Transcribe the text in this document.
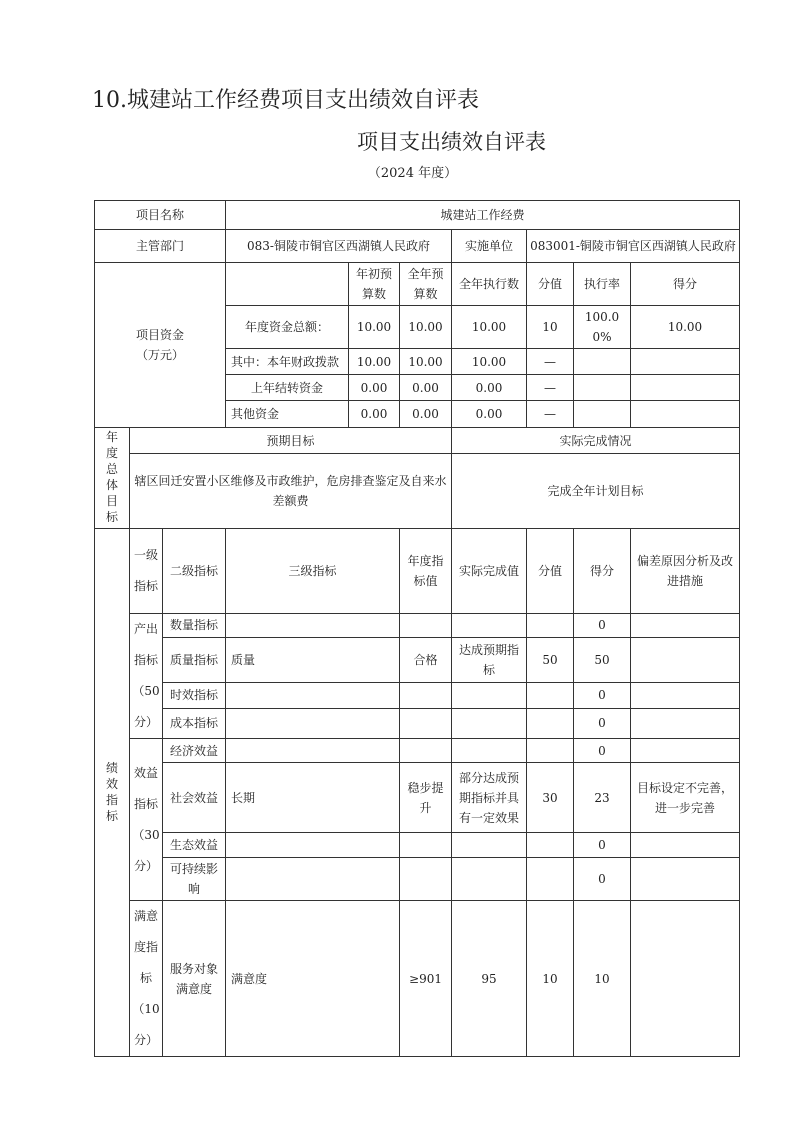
10.城建站工作经费项目支出绩效自评表
项目支出绩效自评表
（2024 年度）
项目名称			城建站工作经费						
主管部门			083-铜陵市铜官区西湖镇人民政府			实施单位	083001-铜陵市铜官区西湖镇人民政府		
项目资金
（万元）				年初预算数	全年预算数	全年执行数	分值	执行率	得分
			年度资金总额：	10.00	10.00	10.00	10	100.00%	10.00
			其中：本年财政拨款	10.00	10.00	10.00	—		
			上年结转资金	0.00	0.00	0.00	—		
			其他资金	0.00	0.00	0.00	—		
年度总体目标	预期目标					实际完成情况			
	辖区回迁安置小区维修及市政维护，危房排查鉴定及自来水差额费					完成全年计划目标			
绩效指标	一级指标	二级指标	三级指标		年度指标值	实际完成值	分值	得分	偏差原因分析及改进措施
	产出指标（50分）	数量指标						0	
		质量指标	质量		合格	达成预期指标	50	50	
		时效指标						0	
		成本指标						0	
	效益指标（30分）	经济效益						0	
		社会效益	长期		稳步提升	部分达成预期指标并具有一定效果	30	23	目标设定不完善，进一步完善
		生态效益						0	
		可持续影响						0	
	满意度指标（10分）	服务对象满意度	满意度		≥901	95	10	10	
